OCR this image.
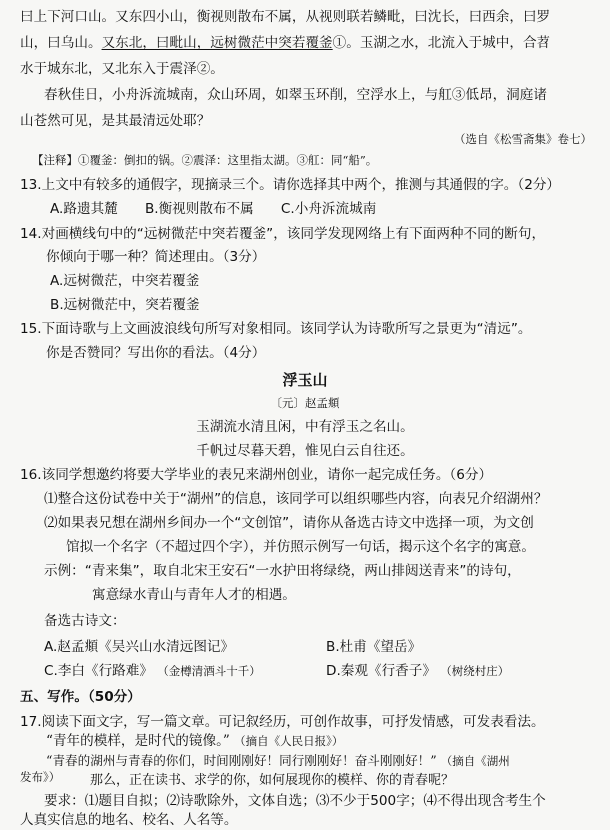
曰上下河口山。又东四小山，衡视则散布不属，从视则联若鳞毗，曰沈长，曰西余，曰罗
山，曰乌山。又东北，曰毗山，远树微茫中突若覆釜①。玉湖之水，北流入于城中，合苕
水于城东北，又北东入于震泽②。
春秋佳日，小舟泝流城南，众山环周，如翠玉环削，空浮水上，与舡③低昂，洞庭诸
山苍然可见，是其最清远处耶？
（选自《松雪斋集》卷七）
【注释】①覆釜：倒扣的锅。②震泽：这里指太湖。③舡：同“船”。
13.上文中有较多的通假字，现摘录三个。请你选择其中两个，推测与其通假的字。（2分）
A.路遗其麓　　B.衡视则散布不属　　C.小舟泝流城南
14.对画横线句中的“远树微茫中突若覆釜”，该同学发现网络上有下面两种不同的断句，
你倾向于哪一种？简述理由。（3分）
A.远树微茫，中突若覆釜
B.远树微茫中，突若覆釜
15.下面诗歌与上文画波浪线句所写对象相同。该同学认为诗歌所写之景更为“清远”。
你是否赞同？写出你的看法。（4分）
浮玉山
〔元〕赵孟頫
玉湖流水清且闲，中有浮玉之名山。
千帆过尽暮天碧，惟见白云自往还。
16.该同学想邀约将要大学毕业的表兄来湖州创业，请你一起完成任务。（6分）
⑴整合这份试卷中关于“湖州”的信息，该同学可以组织哪些内容，向表兄介绍湖州？
⑵如果表兄想在湖州乡间办一个“文创馆”，请你从备选古诗文中选择一项，为文创
馆拟一个名字（不超过四个字），并仿照示例写一句话，揭示这个名字的寓意。
示例：“青来集”，取自北宋王安石“一水护田将绿绕，两山排闼送青来”的诗句，
寓意绿水青山与青年人才的相遇。
备选古诗文：
A.赵孟頫《吴兴山水清远图记》	B.杜甫《望岳》
C.李白《行路难》 （金樽清酒斗十千）	D.秦观《行香子》 （树绕村庄）
五、写作。（50分）
17.阅读下面文字，写一篇文章。可记叙经历，可创作故事，可抒发情感，可发表看法。
“青年的模样，是时代的镜像。” （摘自《人民日报》）
“青春的湖州与青春的你们，时间刚刚好！同行刚刚好！奋斗刚刚好！” （摘自《湖州
发布》） 那么，正在读书、求学的你，如何展现你的模样、你的青春呢？
要求：⑴题目自拟；⑵诗歌除外，文体自选；⑶不少于500字；⑷不得出现含考生个
人真实信息的地名、校名、人名等。
